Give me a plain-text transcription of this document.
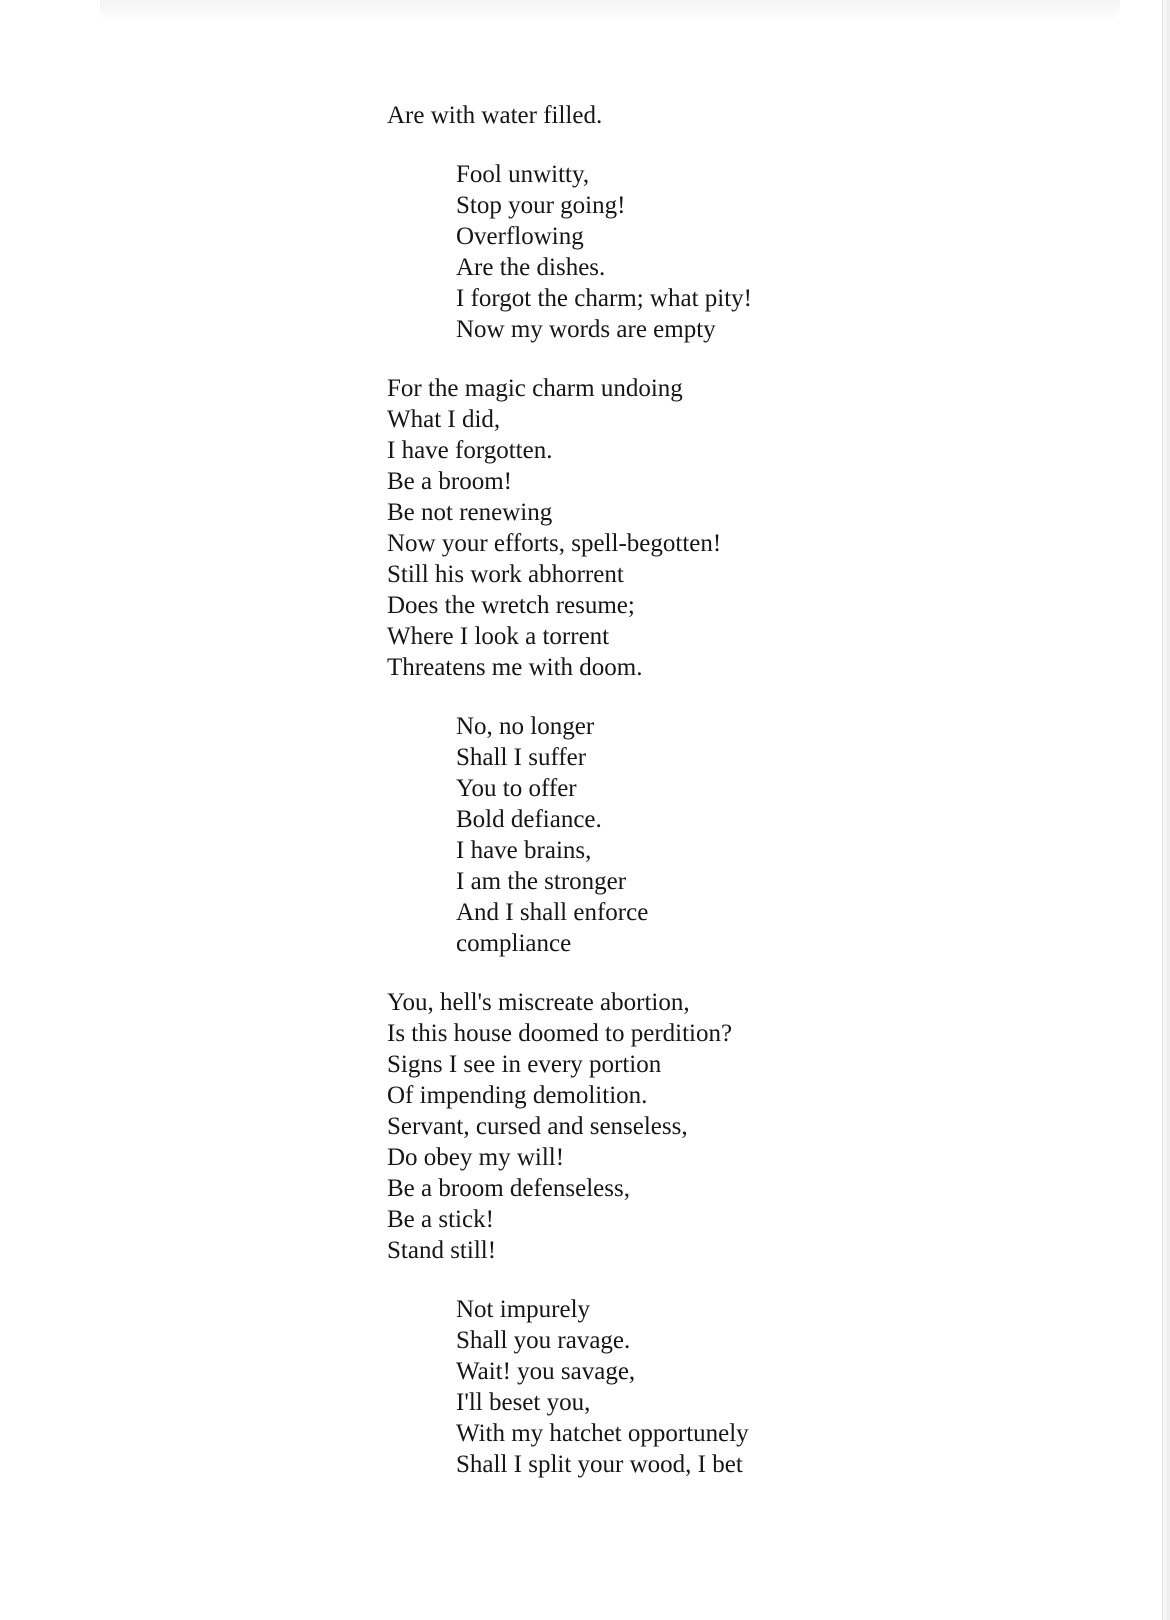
Are with water filled.
Fool unwitty,
Stop your going!
Overflowing
Are the dishes.
I forgot the charm; what pity!
Now my words are empty
For the magic charm undoing
What I did,
I have forgotten.
Be a broom!
Be not renewing
Now your efforts, spell-begotten!
Still his work abhorrent
Does the wretch resume;
Where I look a torrent
Threatens me with doom.
No, no longer
Shall I suffer
You to offer
Bold defiance.
I have brains,
I am the stronger
And I shall enforce
compliance
You, hell's miscreate abortion,
Is this house doomed to perdition?
Signs I see in every portion
Of impending demolition.
Servant, cursed and senseless,
Do obey my will!
Be a broom defenseless,
Be a stick!
Stand still!
Not impurely
Shall you ravage.
Wait! you savage,
I'll beset you,
With my hatchet opportunely
Shall I split your wood, I bet
